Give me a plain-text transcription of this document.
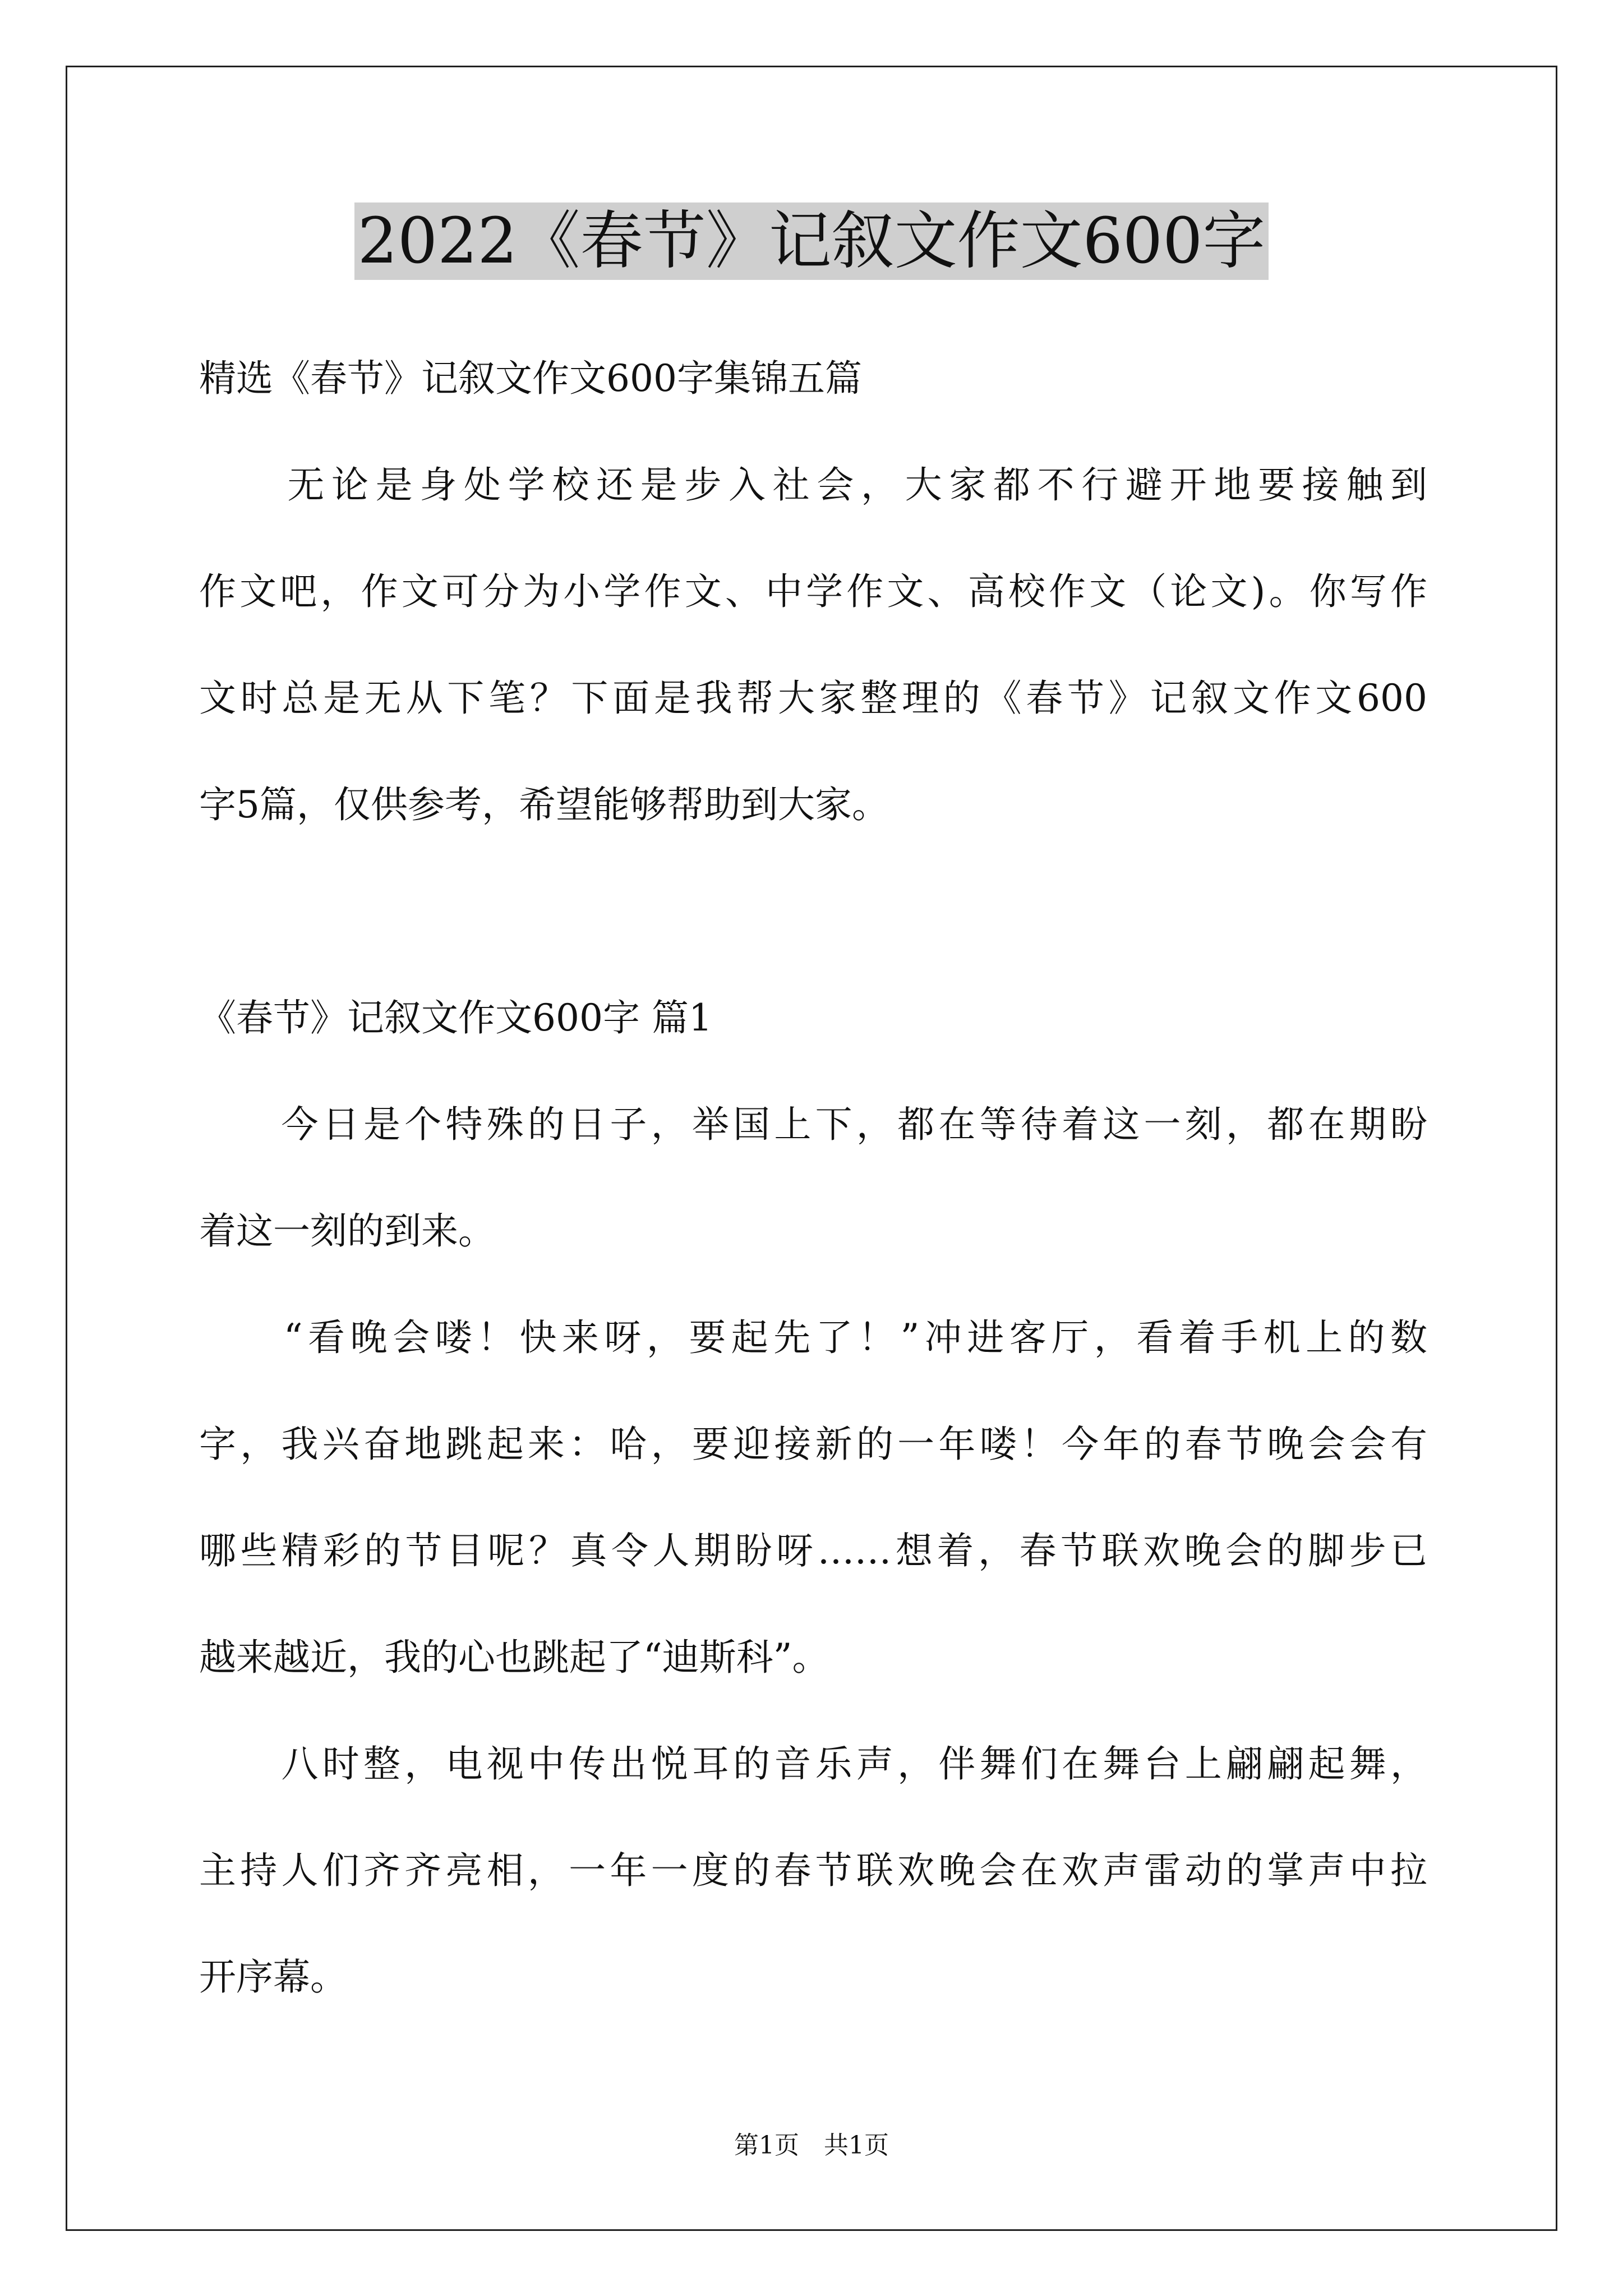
2022《春节》记叙文作文600字
精选《春节》记叙文作文600字集锦五篇
　　无论是身处学校还是步入社会，大家都不行避开地要接触到
作文吧，作文可分为小学作文、中学作文、高校作文（论文)。你写作
文时总是无从下笔？下面是我帮大家整理的《春节》记叙文作文600
字5篇，仅供参考，希望能够帮助到大家。
《春节》记叙文作文600字 篇1
　　今日是个特殊的日子，举国上下，都在等待着这一刻，都在期盼
着这一刻的到来。
　　“看晚会喽！快来呀，要起先了！”冲进客厅，看着手机上的数
字，我兴奋地跳起来：哈，要迎接新的一年喽！今年的春节晚会会有
哪些精彩的节目呢？真令人期盼呀……想着，春节联欢晚会的脚步已
越来越近，我的心也跳起了“迪斯科”。
　　八时整，电视中传出悦耳的音乐声，伴舞们在舞台上翩翩起舞，
主持人们齐齐亮相，一年一度的春节联欢晚会在欢声雷动的掌声中拉
开序幕。
第1页　共1页
